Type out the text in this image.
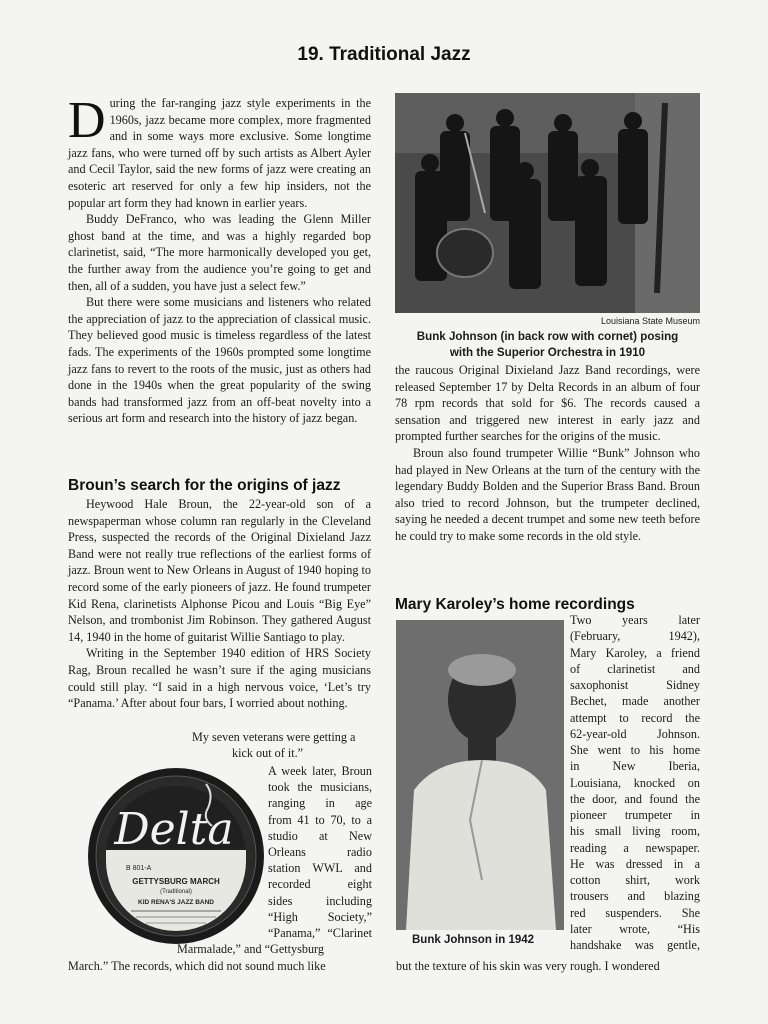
19. Traditional Jazz

During the far-ranging jazz style experiments in the 1960s, jazz became more complex, more fragmented and in some ways more exclusive. Some longtime jazz fans, who were turned off by such artists as Albert Ayler and Cecil Taylor, said the new forms of jazz were creating an esoteric art reserved for only a few hip insiders, not the popular art form they had known in earlier years.

Buddy DeFranco, who was leading the Glenn Miller ghost band at the time, and was a highly regarded bop clarinetist, said, “The more harmonically developed you get, the further away from the audience you’re going to get and then, all of a sudden, you have just a select few.”

But there were some musicians and listeners who related the appreciation of jazz to the appreciation of classical music. They believed good music is timeless regardless of the latest fads. The experiments of the 1960s prompted some longtime jazz fans to revert to the roots of the music, just as others had done in the 1940s when the great popularity of the swing bands had transformed jazz from an off-beat novelty into a serious art form and research into the history of jazz began.

Broun’s search for the origins of jazz

Heywood Hale Broun, the 22-year-old son of a newspaperman whose column ran regularly in the Cleveland Press, suspected the records of the Original Dixieland Jazz Band were not really true reflections of the earliest forms of jazz. Broun went to New Orleans in August of 1940 hoping to record some of the early pioneers of jazz. He found trumpeter Kid Rena, clarinetists Alphonse Picou and Louis “Big Eye” Nelson, and trombonist Jim Robinson. They gathered August 14, 1940 in the home of guitarist Willie Santiago to play.

Writing in the September 1940 edition of HRS Society Rag, Broun recalled he wasn’t sure if the aging musicians could still play. “I said in a high nervous voice, ‘Let’s try “Panama.’ After about four bars, I worried about nothing.

My seven veterans were getting a
kick out of it.”
Delta
B 801-A
GETTYSBURG MARCH
(Traditional)
KID RENA'S JAZZ BAND
A week later, Broun
took the musicians,
ranging in age
from 41 to 70, to a
studio at New
Orleans radio
station WWL and
recorded eight
sides including
“High Society,”
“Panama,” “Clarinet
Marmalade,” and “Gettysburg
March.” The records, which did not sound much like
Louisiana State Museum
Bunk Johnson (in back row with cornet) posing
with the Superior Orchestra in 1910

the raucous Original Dixieland Jazz Band recordings, were released September 17 by Delta Records in an album of four 78 rpm records that sold for $6. The records caused a sensation and triggered new interest in early jazz and prompted further searches for the origins of the music.

Broun also found trumpeter Willie “Bunk” Johnson who had played in New Orleans at the turn of the century with the legendary Buddy Bolden and the Superior Brass Band. Broun also tried to record Johnson, but the trumpeter declined, saying he needed a decent trumpet and some new teeth before he could try to make some records in the old style.

Mary Karoley’s home recordings
Bunk Johnson in 1942
Two years later
(February, 1942),
Mary Karoley, a friend
of clarinetist and
saxophonist Sidney
Bechet, made another
attempt to record the
62-year-old Johnson.
She went to his home
in New Iberia,
Louisiana, knocked on
the door, and found the
pioneer trumpeter in
his small living room,
reading a newspaper.
He was dressed in a
cotton shirt, work
trousers and blazing
red suspenders. She
later wrote, “His
handshake was gentle,
but the texture of his skin was very rough. I wondered
